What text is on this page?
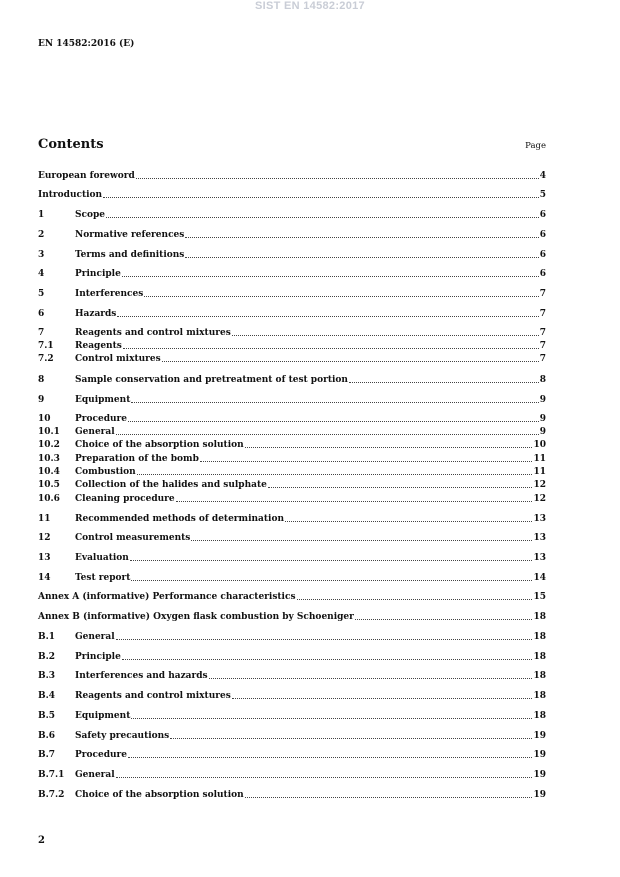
SIST EN 14582:2017
EN 14582:2016 (E)
Contents	Page
European foreword	4
Introduction	5
1	Scope	6
2	Normative references	6
3	Terms and definitions	6
4	Principle	6
5	Interferences	7
6	Hazards	7
7	Reagents and control mixtures	7
7.1	Reagents	7
7.2	Control mixtures	7
8	Sample conservation and pretreatment of test portion	8
9	Equipment	9
10	Procedure	9
10.1	General	9
10.2	Choice of the absorption solution	10
10.3	Preparation of the bomb	11
10.4	Combustion	11
10.5	Collection of the halides and sulphate	12
10.6	Cleaning procedure	12
11	Recommended methods of determination	13
12	Control measurements	13
13	Evaluation	13
14	Test report	14
Annex A (informative) Performance characteristics	15
Annex B (informative) Oxygen flask combustion by Schoeniger	18
B.1	General	18
B.2	Principle	18
B.3	Interferences and hazards	18
B.4	Reagents and control mixtures	18
B.5	Equipment	18
B.6	Safety precautions	19
B.7	Procedure	19
B.7.1	General	19
B.7.2	Choice of the absorption solution	19
2
